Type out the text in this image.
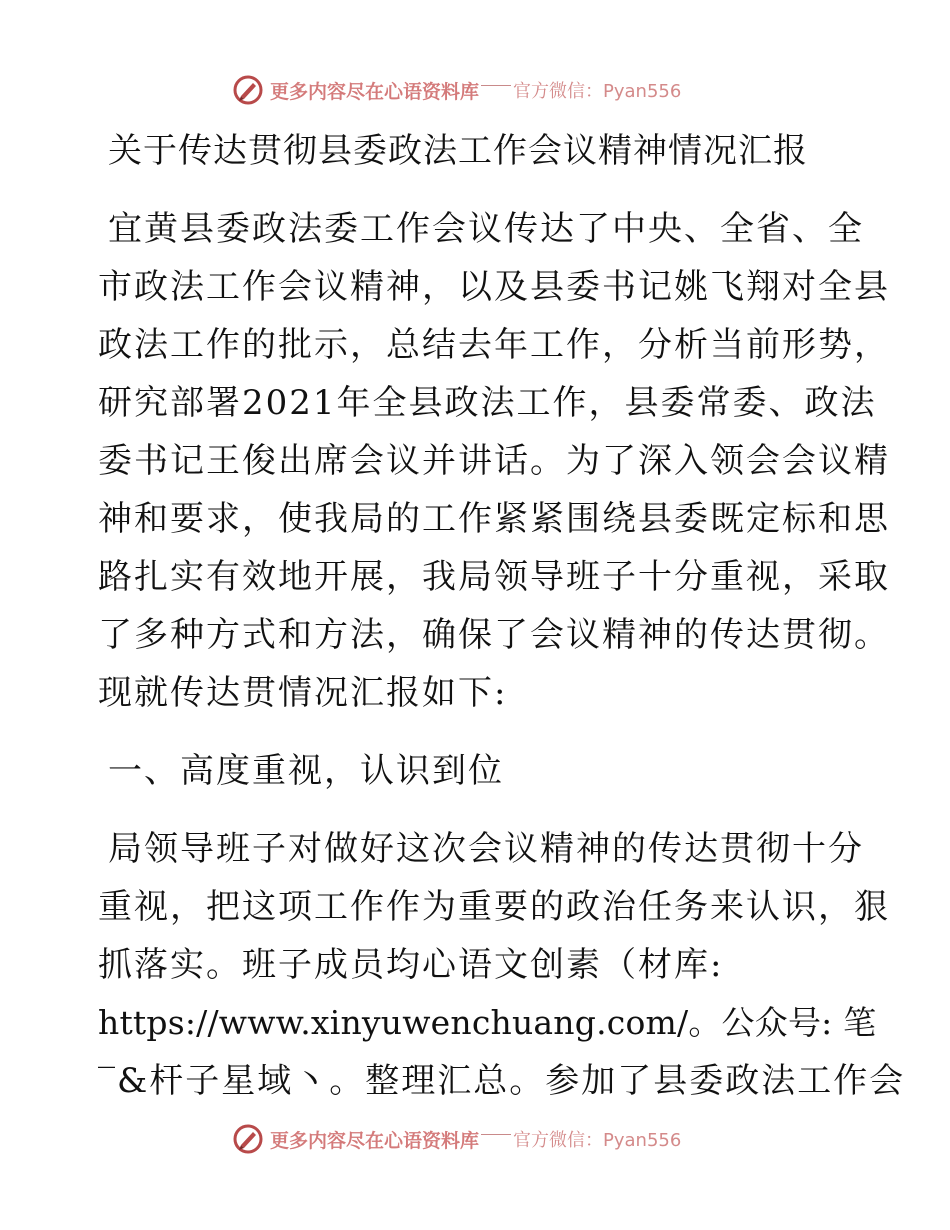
更多内容尽在心语资料库 官方微信：Pyan556
关于传达贯彻县委政法工作会议精神情况汇报
宜黄县委政法委工作会议传达了中央、全省、全
市政法工作会议精神，以及县委书记姚飞翔对全县
政法工作的批示，总结去年工作，分析当前形势，
研究部署2021年全县政法工作，县委常委、政法
委书记王俊出席会议并讲话。为了深入领会会议精
神和要求，使我局的工作紧紧围绕县委既定标和思
路扎实有效地开展，我局领导班子十分重视，采取
了多种方式和方法，确保了会议精神的传达贯彻。
现就传达贯情况汇报如下:
一、高度重视，认识到位
局领导班子对做好这次会议精神的传达贯彻十分
重视，把这项工作作为重要的政治任务来认识，狠
抓落实。班子成员均心语文创素（材库:
https://www.xinyuwenchuang.com/。公众号: 笔
‾&杆子星域丶。整理汇总。参加了县委政法工作会
更多内容尽在心语资料库 官方微信：Pyan556
